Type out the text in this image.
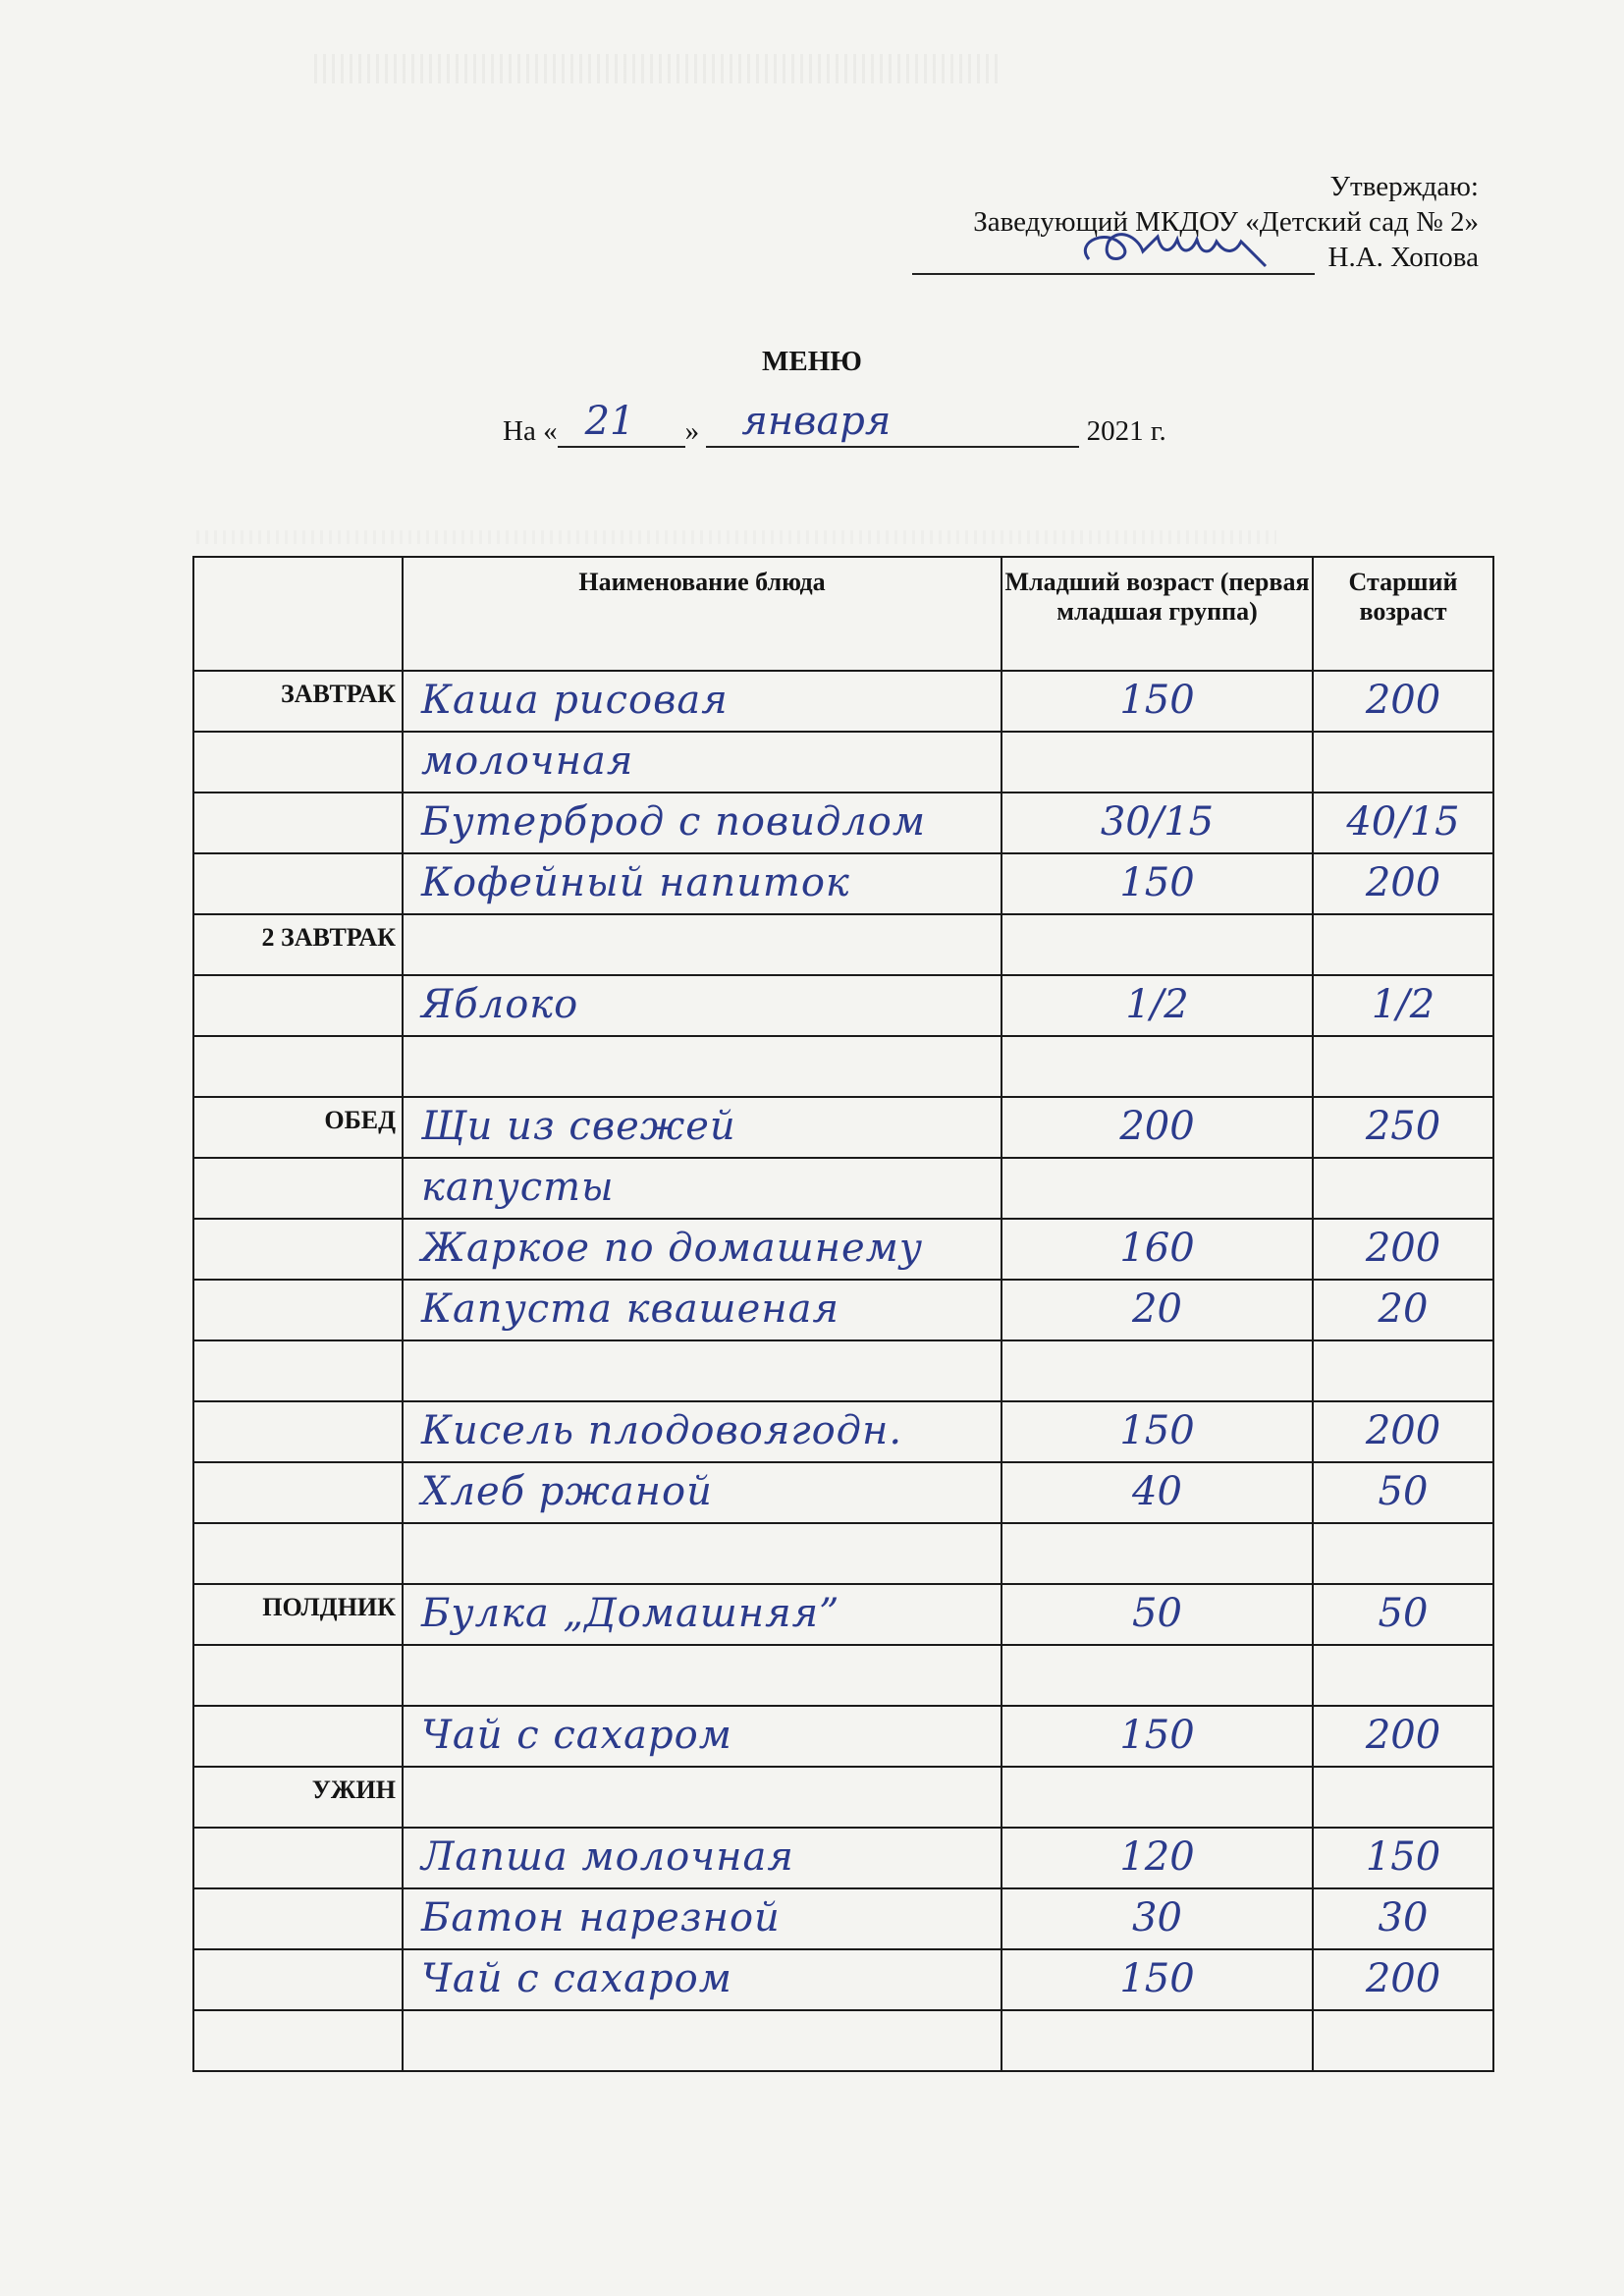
Утверждаю:
Заведующий МКДОУ «Детский сад № 2»
Н.А. Хопова
МЕНЮ
На « 21 » января	2021 г.
	Наименование блюда	Младший возраст (первая младшая группа)	Старший возраст
ЗАВТРАК	Каша рисовая	150	200
	молочная		
	Бутерброд с повидлом	30/15	40/15
	Кофейный напиток	150	200
2 ЗАВТРАК			
	Яблоко	1/2	1/2

ОБЕД	Щи из свежей	200	250
	капусты		
	Жаркое по домашнему	160	200
	Капуста квашеная	20	20

	Кисель плодовоягодн.	150	200
	Хлеб ржаной	40	50

ПОЛДНИК	Булка „Домашняя”	50	50

	Чай с сахаром	150	200
УЖИН			
	Лапша молочная	120	150
	Батон нарезной	30	30
	Чай с сахаром	150	200
